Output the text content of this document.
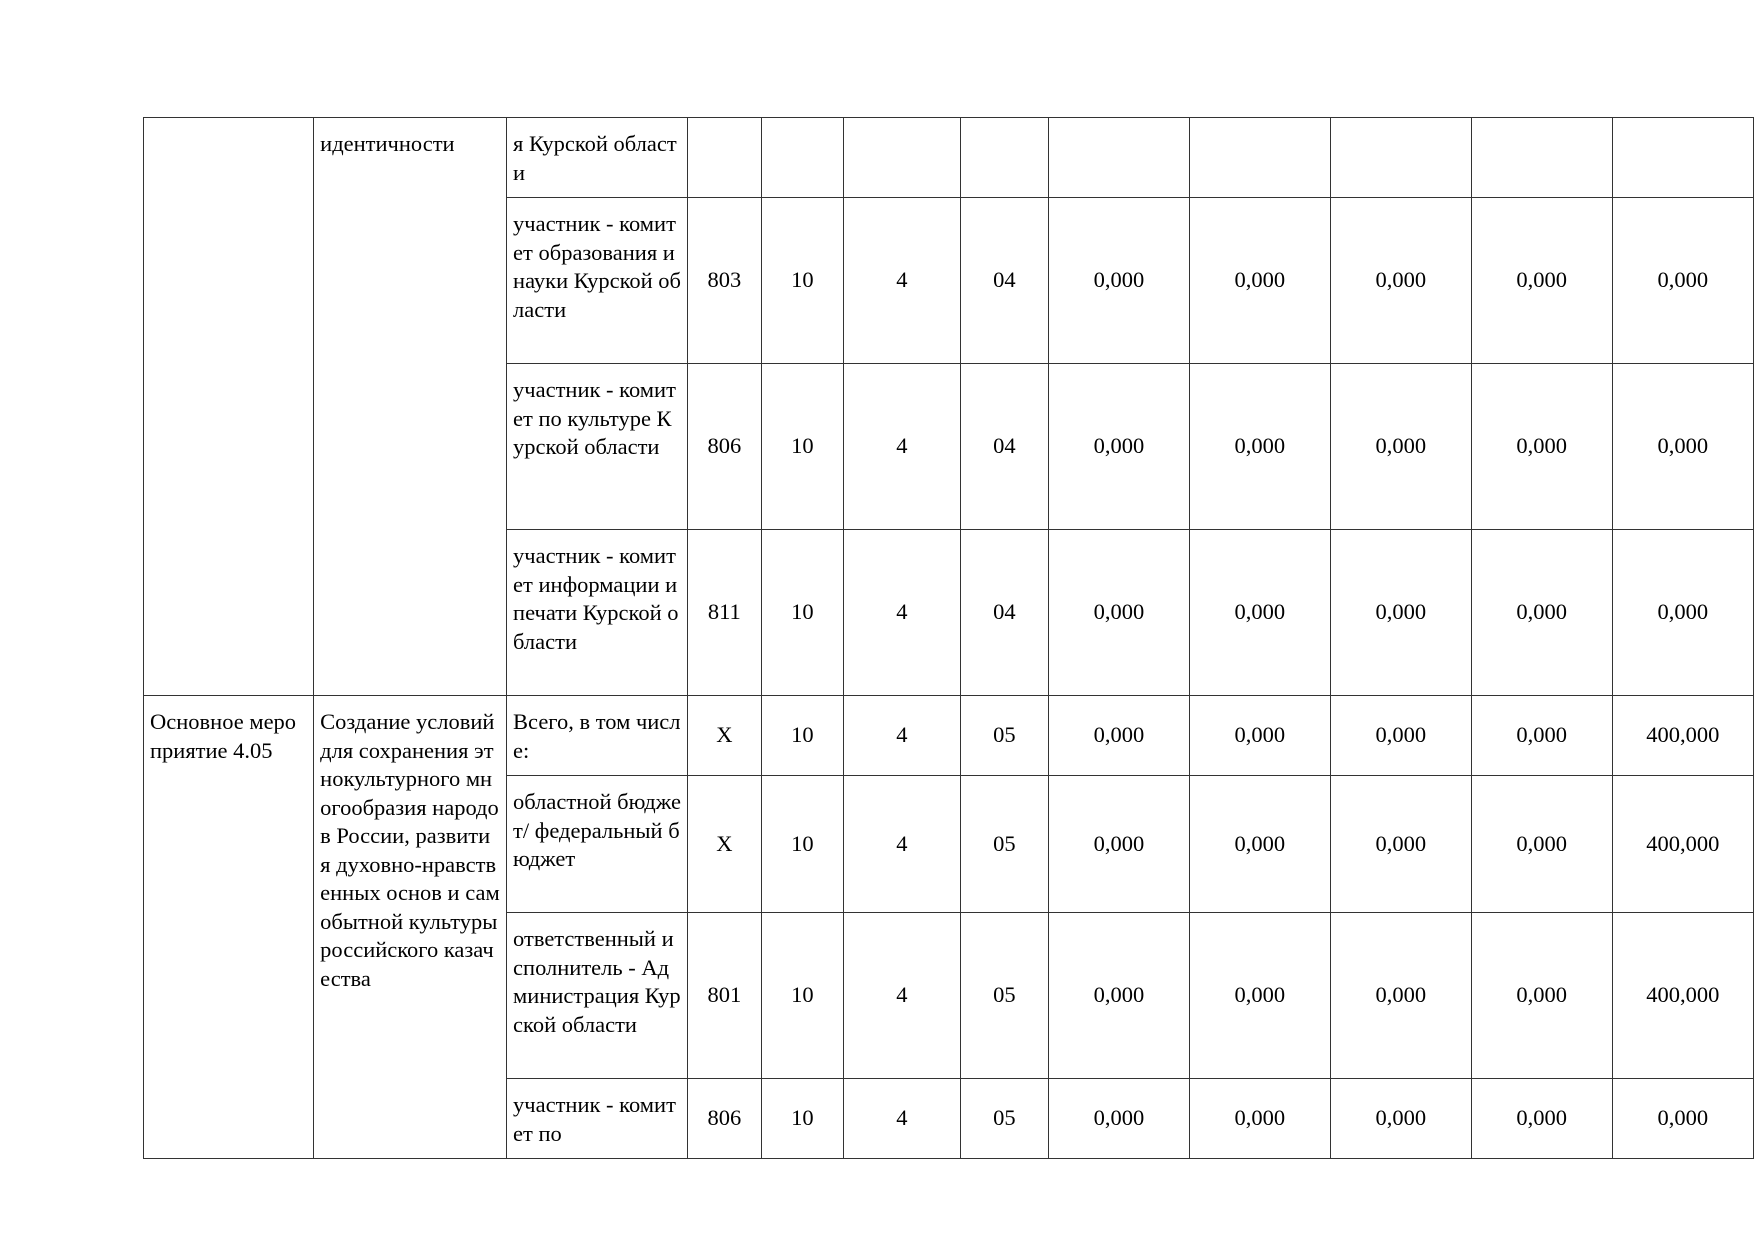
	идентичности	я Курской области									
		участник - комитет образования и науки Курской области	803	10	4	04	0,000	0,000	0,000	0,000	0,000
		участник - комитет по культуре Курской области	806	10	4	04	0,000	0,000	0,000	0,000	0,000
		участник - комитет информации и печати Курской области	811	10	4	04	0,000	0,000	0,000	0,000	0,000
Основное мероприятие 4.05	Создание условий для сохранения этнокультурного многообразия народов России, развития духовно-нравственных основ и самобытной культуры российского казачества	Всего, в том числе:	X	10	4	05	0,000	0,000	0,000	0,000	400,000
		областной бюджет/ федеральный бюджет	X	10	4	05	0,000	0,000	0,000	0,000	400,000
		ответственный исполнитель - Администрация Курской области	801	10	4	05	0,000	0,000	0,000	0,000	400,000
		участник - комитет по	806	10	4	05	0,000	0,000	0,000	0,000	0,000
